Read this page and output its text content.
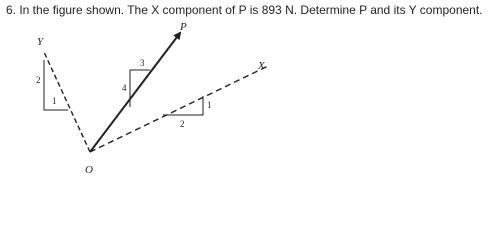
6. In the figure shown. The X component of P is 893 N. Determine P and its Y component.
Y
2
1
P
3
4
X
1
2
O
